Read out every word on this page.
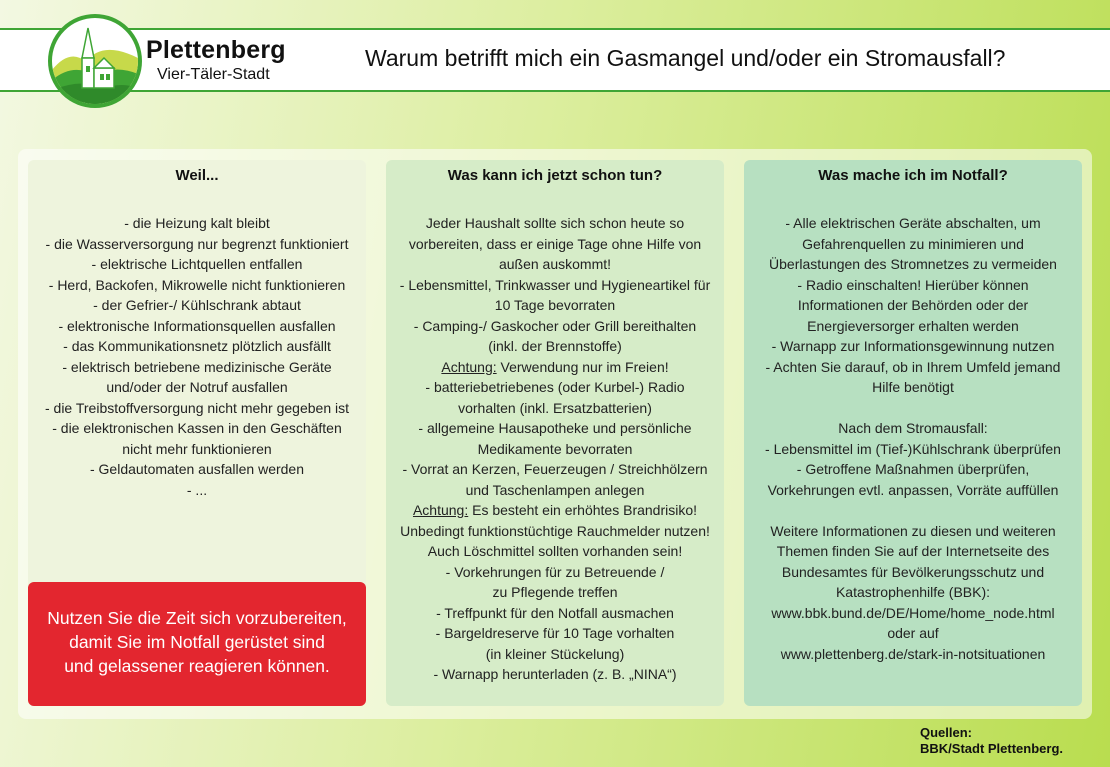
Plettenberg
Vier-Täler-Stadt
Warum betrifft mich ein Gasmangel und/oder ein Stromausfall?
Weil...
- die Heizung kalt bleibt
- die Wasserversorgung nur begrenzt funktioniert
- elektrische Lichtquellen entfallen
- Herd, Backofen, Mikrowelle nicht funktionieren
- der Gefrier-/ Kühlschrank abtaut
- elektronische Informationsquellen ausfallen
- das Kommunikationsnetz plötzlich ausfällt
- elektrisch betriebene medizinische Geräte
und/oder der Notruf ausfallen
- die Treibstoffversorgung nicht mehr gegeben ist
- die elektronischen Kassen in den Geschäften
nicht mehr funktionieren
- Geldautomaten ausfallen werden
- ...
Nutzen Sie die Zeit sich vorzubereiten,
damit Sie im Notfall gerüstet sind
und gelassener reagieren können.
Was kann ich jetzt schon tun?
Jeder Haushalt sollte sich schon heute so
vorbereiten, dass er einige Tage ohne Hilfe von
außen auskommt!
- Lebensmittel, Trinkwasser und Hygieneartikel für
10 Tage bevorraten
- Camping-/ Gaskocher oder Grill bereithalten
(inkl. der Brennstoffe)
Achtung: Verwendung nur im Freien!
- batteriebetriebenes (oder Kurbel-) Radio
vorhalten (inkl. Ersatzbatterien)
- allgemeine Hausapotheke und persönliche
Medikamente bevorraten
- Vorrat an Kerzen, Feuerzeugen / Streichhölzern
und Taschenlampen anlegen
Achtung: Es besteht ein erhöhtes Brandrisiko!
Unbedingt funktionstüchtige Rauchmelder nutzen!
Auch Löschmittel sollten vorhanden sein!
- Vorkehrungen für zu Betreuende /
zu Pflegende treffen
- Treffpunkt für den Notfall ausmachen
- Bargeldreserve für 10 Tage vorhalten
(in kleiner Stückelung)
- Warnapp herunterladen (z. B. „NINA“)
Was mache ich im Notfall?
- Alle elektrischen Geräte abschalten, um
Gefahrenquellen zu minimieren und
Überlastungen des Stromnetzes zu vermeiden
- Radio einschalten! Hierüber können
Informationen der Behörden oder der
Energieversorger erhalten werden
- Warnapp zur Informationsgewinnung nutzen
- Achten Sie darauf, ob in Ihrem Umfeld jemand
Hilfe benötigt
Nach dem Stromausfall:
- Lebensmittel im (Tief-)Kühlschrank überprüfen
- Getroffene Maßnahmen überprüfen,
Vorkehrungen evtl. anpassen, Vorräte auffüllen
Weitere Informationen zu diesen und weiteren
Themen finden Sie auf der Internetseite des
Bundesamtes für Bevölkerungsschutz und
Katastrophenhilfe (BBK):
www.bbk.bund.de/DE/Home/home_node.html
oder auf
www.plettenberg.de/stark-in-notsituationen
Quellen:
BBK/Stadt Plettenberg.
